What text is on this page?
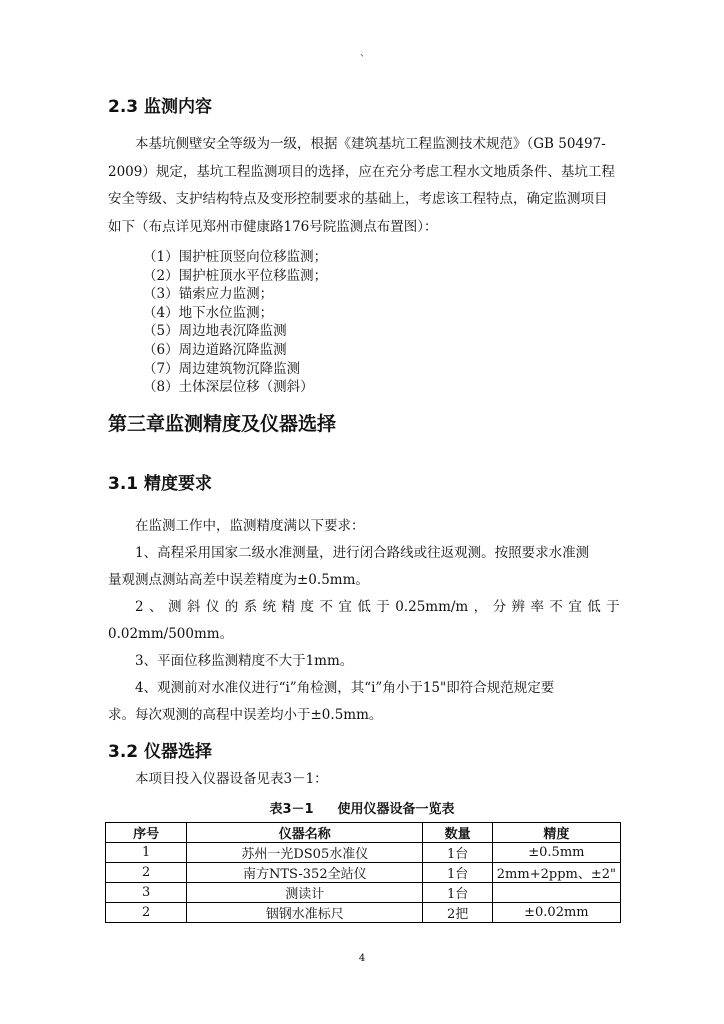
、
2.3 监测内容

本基坑侧壁安全等级为一级，根据《建筑基坑工程监测技术规范》（GB 50497-2009）规定，基坑工程监测项目的选择，应在充分考虑工程水文地质条件、基坑工程安全等级、支护结构特点及变形控制要求的基础上，考虑该工程特点，确定监测项目如下（布点详见郑州市健康路176号院监测点布置图）：

（1）围护桩顶竖向位移监测；
（2）围护桩顶水平位移监测；
（3）锚索应力监测；
（4）地下水位监测；
（5）周边地表沉降监测
（6）周边道路沉降监测
（7）周边建筑物沉降监测
（8）土体深层位移（测斜）
第三章监测精度及仪器选择
3.1 精度要求
在监测工作中，监测精度满以下要求：
1、高程采用国家二级水准测量，进行闭合路线或往返观测。按照要求水准测
量观测点测站高差中误差精度为±0.5mm。
2 、 测 斜 仪 的 系 统 精 度 不 宜 低 于 0.25mm/m ， 分 辨 率 不 宜 低 于
0.02mm/500mm。
3、平面位移监测精度不大于1mm。
4、观测前对水准仪进行“i”角检测，其“i”角小于15"即符合规范规定要
求。每次观测的高程中误差均小于±0.5mm。
3.2 仪器选择
本项目投入仪器设备见表3－1：
表3－1 使用仪器设备一览表
序号	仪器名称	数量	精度
1	苏州一光DS05水准仪	1台	±0.5mm
2	南方NTS-352全站仪	1台	2mm+2ppm、±2"
3	测读计	1台	
2	铟钢水准标尺	2把	±0.02mm
4
